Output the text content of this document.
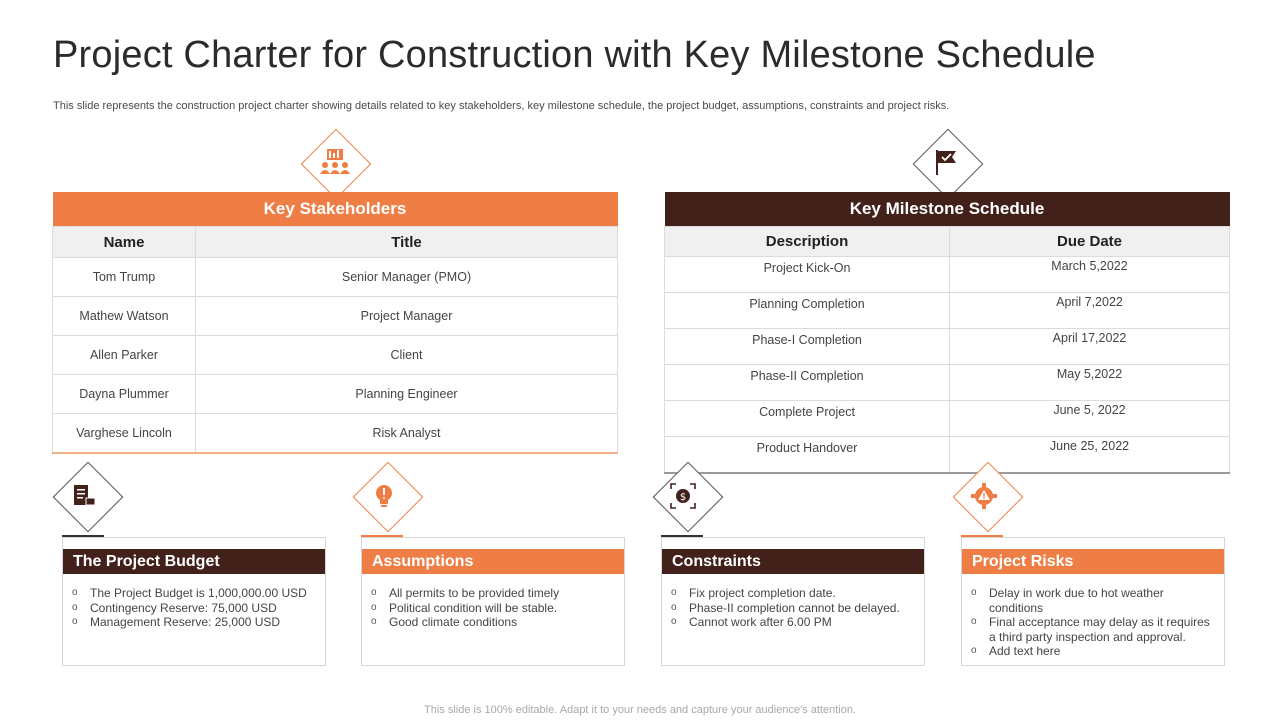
Project Charter for Construction with Key Milestone Schedule
This slide represents the construction project charter showing details related to key stakeholders, key milestone schedule, the project budget, assumptions, constraints and project risks.
Key Stakeholders	
Name	Title
Tom Trump	Senior Manager (PMO)
Mathew Watson	Project Manager
Allen Parker	Client
Dayna Plummer	Planning Engineer
Varghese Lincoln	Risk Analyst
Key Milestone Schedule	
Description	Due Date
Project Kick-On	March 5,2022
Planning Completion	April 7,2022
Phase-I Completion	April 17,2022
Phase-II Completion	May 5,2022
Complete Project	June 5, 2022
Product Handover	June 25, 2022
$
The Project Budget
o The Project Budget is 1,000,000.00 USD
o Contingency Reserve: 75,000 USD
o Management Reserve: 25,000 USD
Assumptions
o All permits to be provided timely
o Political condition will be stable.
o Good climate conditions
Constraints
o Fix project completion date.
o Phase-II completion cannot be delayed.
o Cannot work after 6.00 PM
Project Risks
o Delay in work due to hot weather conditions
o Final acceptance may delay as it requires a third party inspection and approval.
o Add text here
This slide is 100% editable. Adapt it to your needs and capture your audience's attention.
